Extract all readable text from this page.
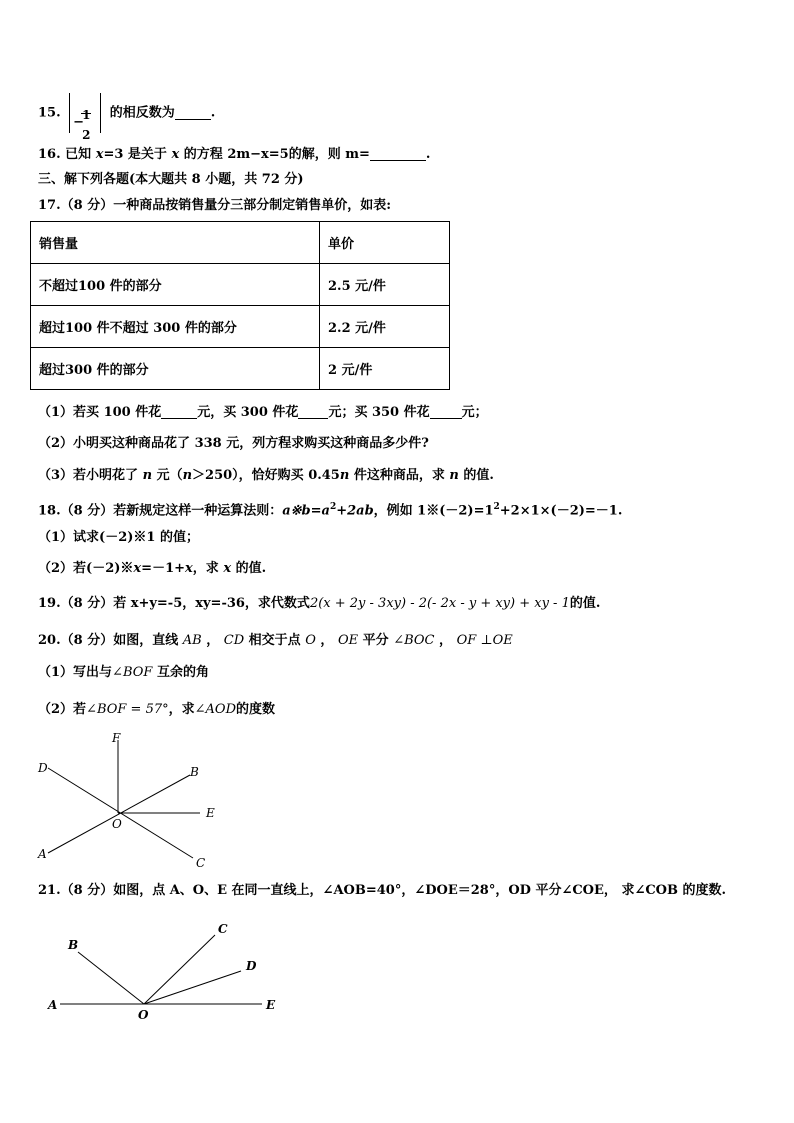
15.
−
1
2
的相反数为	.
16. 已知 x=3 是关于 x 的方程 2m−x=5的解，则 m=	.
三、解下列各题(本大题共 8 小题，共 72 分)
17.（8 分）一种商品按销售量分三部分制定销售单价，如表:
销售量	单价
不超过100 件的部分	2.5 元/件
超过100 件不超过 300 件的部分	2.2 元/件
超过300 件的部分	2 元/件
（1）若买 100 件花	元，买 300 件花 元；买 350 件花 元；
（2）小明买这种商品花了 338 元，列方程求购买这种商品多少件?
（3）若小明花了 n 元（n＞250），恰好购买 0.45n 件这种商品，求 n 的值.
18.（8 分）若新规定这样一种运算法则：$a※b=a^2+2ab$，例如 $1※(-2)=1^2+2\times 1\times(-2)=-1$.
（1）试求(－2)※1 的值；
（2）若(－2)※x=－1+x，求 x 的值.
19.（8 分）若 x+y=-5，xy=-36，求代数式2(x + 2y - 3xy) - 2(- 2x - y + xy) + xy - 1的值.
20.（8 分）如图，直线 AB ， CD 相交于点 O ， OE 平分 ∠BOC ， OF ⊥OE
（1）写出与∠BOF 互余的角
（2）若∠BOF = 57°，求∠AOD的度数
F
D	B
E
O
A
C
21.（8 分）如图，点 A、O、E 在同一直线上，∠AOB=40°，∠DOE＝28°，OD 平分∠COE， 求∠COB 的度数.
B
C
D
A
O
E
